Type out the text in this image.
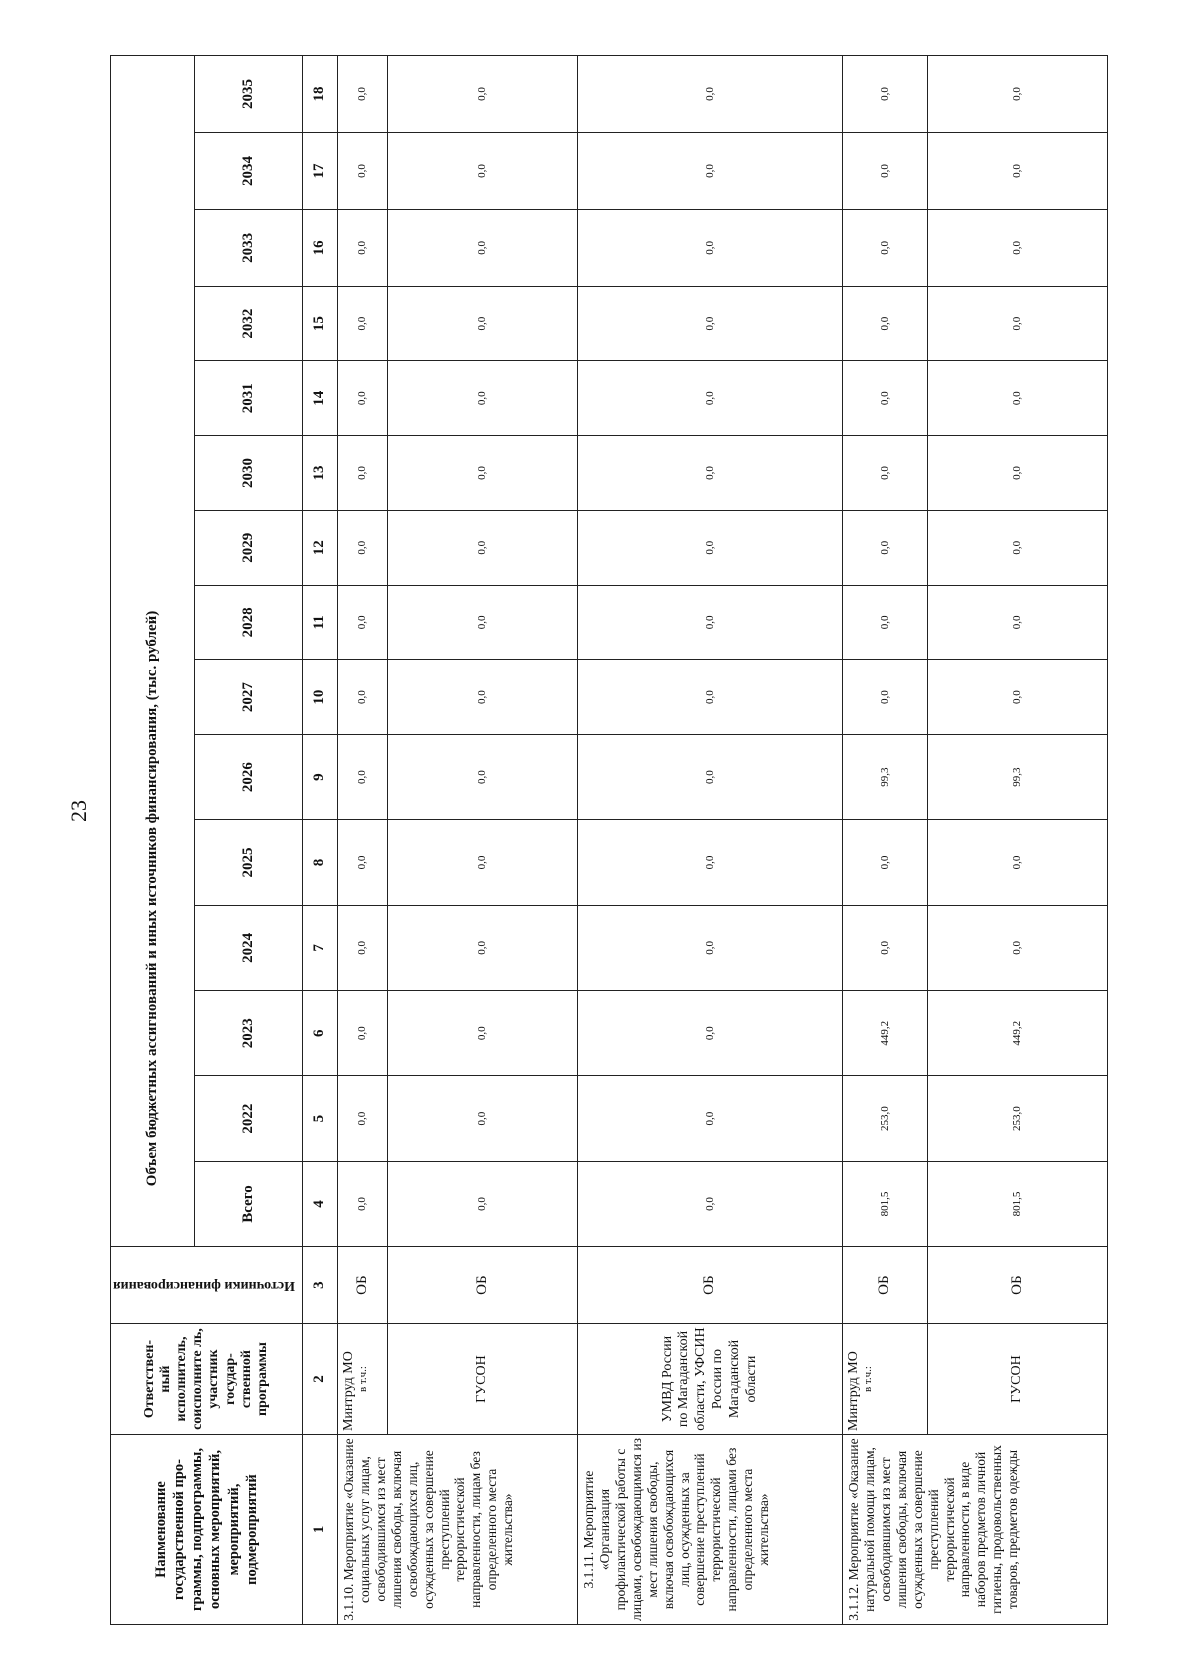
23
Наименование государственной про-граммы, подпрограммы, основных мероприятий, мероприятий, подмероприятий	Ответствен-ный исполнитель, соисполните ль, участник государ-ственной программы	Источники финансирования	Объем бюджетных ассигнований и иных источников финансирования, (тыс. рублей)														
			Всего	2022	2023	2024	2025	2026	2027	2028	2029	2030	2031	2032	2033	2034	2035
1	2	3	4	5	6	7	8	9	10	11	12	13	14	15	16	17	18
3.1.10. Мероприятие «Оказание социальных услуг лицам, освободившимся из мест лишения свободы, включая освобождающихся лиц, осужденных за совершение преступлений террористической направленности, лицам без определенного места жительства»	Минтруд МО в т.ч.:	ОБ	0,0	0,0	0,0	0,0	0,0	0,0	0,0	0,0	0,0	0,0	0,0	0,0	0,0	0,0	0,0
	ГУСОН	ОБ	0,0	0,0	0,0	0,0	0,0	0,0	0,0	0,0	0,0	0,0	0,0	0,0	0,0	0,0	0,0
3.1.11. Мероприятие «Организация профилактической работы с лицами, освобождающимися из мест лишения свободы, включая освобождающихся лиц, осужденных за совершение преступлений террористической направленности, лицами без определенного места жительства»	УМВД России по Магаданской области, УФСИН России по Магаданской области	ОБ	0,0	0,0	0,0	0,0	0,0	0,0	0,0	0,0	0,0	0,0	0,0	0,0	0,0	0,0	0,0
3.1.12. Мероприятие «Оказание натуральной помощи лицам, освободившимся из мест лишения свободы, включая осужденных за совершение преступлений террористической направленности, в виде наборов предметов личной гигиены, продовольственных товаров, предметов одежды	Минтруд МО в т.ч.:	ОБ	801,5	253,0	449,2	0,0	0,0	99,3	0,0	0,0	0,0	0,0	0,0	0,0	0,0	0,0	0,0
	ГУСОН	ОБ	801,5	253,0	449,2	0,0	0,0	99,3	0,0	0,0	0,0	0,0	0,0	0,0	0,0	0,0	0,0
